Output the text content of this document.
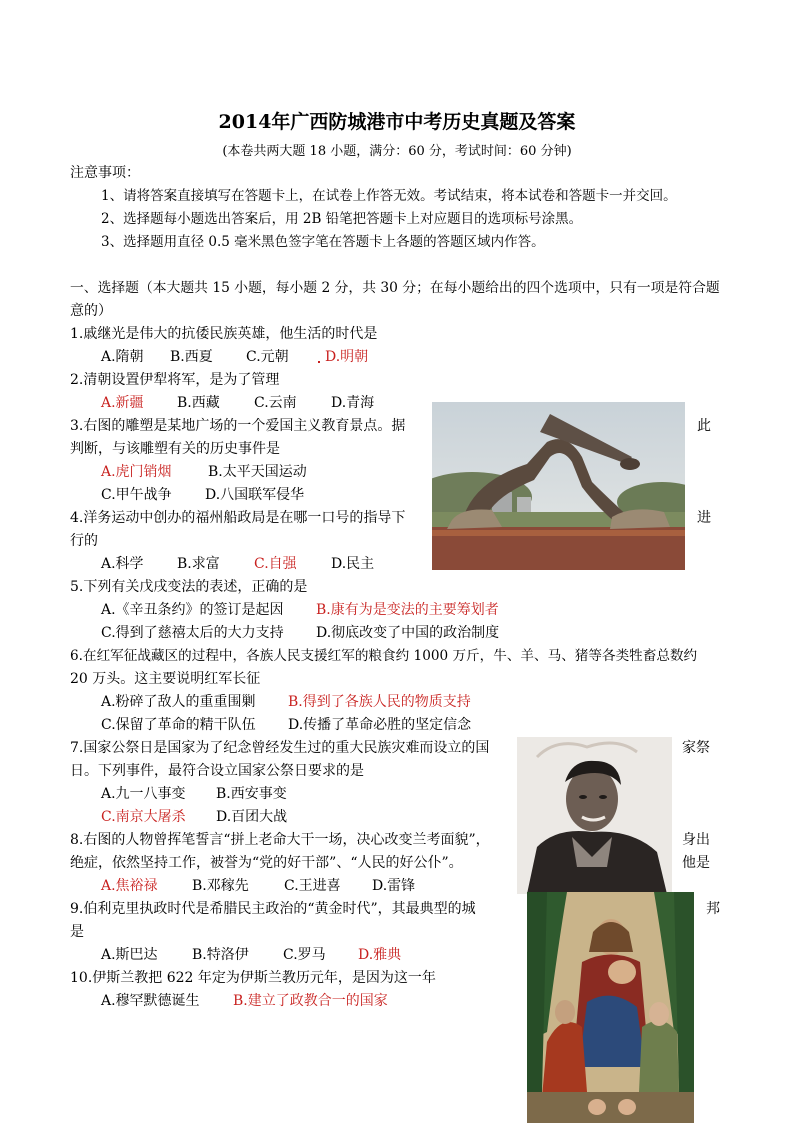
2014年广西防城港市中考历史真题及答案
(本卷共两大题 18 小题，满分：60 分，考试时间：60 分钟)
注意事项：
1、请将答案直接填写在答题卡上，在试卷上作答无效。考试结束，将本试卷和答题卡一并交回。
2、选择题每小题选出答案后，用 2B 铅笔把答题卡上对应题目的选项标号涂黑。
3、选择题用直径 0.5 毫米黑色签字笔在答题卡上各题的答题区域内作答。
一、选择题（本大题共 15 小题，每小题 2 分，共 30 分；在每小题给出的四个选项中，只有一项是符合题
意的）
1.戚继光是伟大的抗倭民族英雄，他生活的时代是
A.隋朝 B.西夏 C.元朝	D.明朝
2.清朝设置伊犁将军，是为了管理
A.新疆 B.西藏 C.云南 D.青海
3.右图的雕塑是某地广场的一个爱国主义教育景点。据	此
判断，与该雕塑有关的历史事件是
A.虎门销烟	B.太平天国运动
C.甲午战争 D.八国联军侵华
4.洋务运动中创办的福州船政局是在哪一口号的指导下	进
行的
A.科学 B.求富 C.自强 D.民主
5.下列有关戊戌变法的表述，正确的是
A.《辛丑条约》的签订是起因 B.康有为是变法的主要筹划者
C.得到了慈禧太后的大力支持 D.彻底改变了中国的政治制度
6.在红军征战藏区的过程中，各族人民支援红军的粮食约 1000 万斤，牛、羊、马、猪等各类牲畜总数约
20 万头。这主要说明红军长征
A.粉碎了敌人的重重围剿 B.得到了各族人民的物质支持
C.保留了革命的精干队伍 D.传播了革命必胜的坚定信念
7.国家公祭日是国家为了纪念曾经发生过的重大民族灾难而设立的国	家祭
日。下列事件，最符合设立国家公祭日要求的是
A.九一八事变 B.西安事变
C.南京大屠杀 D.百团大战
8.右图的人物曾挥笔誓言“拼上老命大干一场，决心改变兰考面貌”，	身出
绝症，依然坚持工作，被誉为“党的好干部”、“人民的好公仆”。	他是
A.焦裕禄 B.邓稼先	C.王进喜 D.雷锋
9.伯利克里执政时代是希腊民主政治的“黄金时代”，其最典型的城	邦
是
A.斯巴达 B.特洛伊 C.罗马 D.雅典
10.伊斯兰教把 622 年定为伊斯兰教历元年，是因为这一年
A.穆罕默德诞生 B.建立了政教合一的国家
